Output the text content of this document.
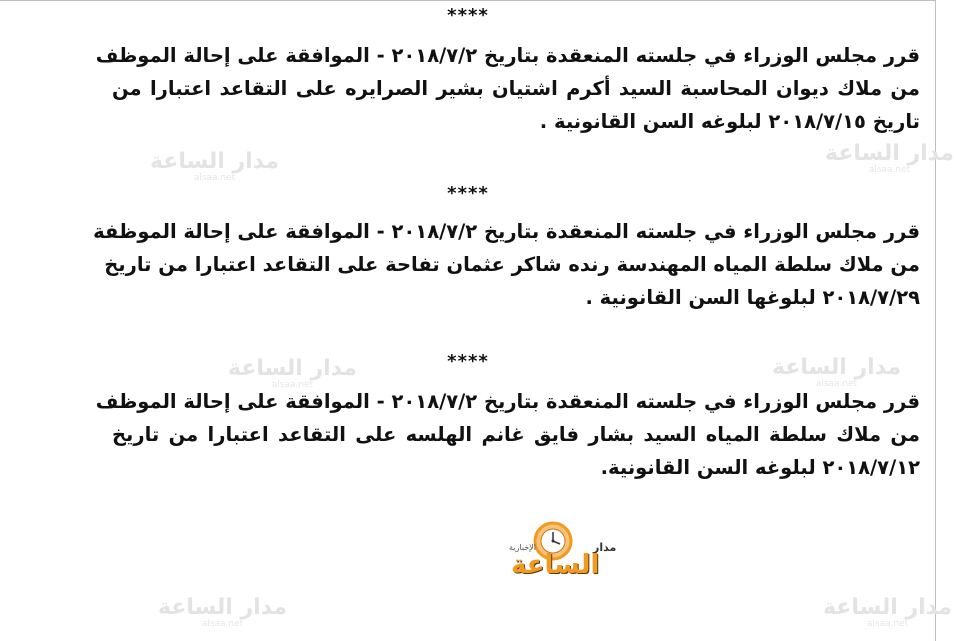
مدار الساعة
alsaa.net
مدار الساعة
alsaa.net
مدار الساعة
alsaa.net
مدار الساعة
alsaa.net
مدار الساعة
alsaa.net
مدار الساعة
alsaa.net
****
قرر مجلس الوزراء في جلسته المنعقدة بتاريخ ٢٠١٨/٧/٢ - الموافقة على إحالة الموظف
من ملاك ديوان المحاسبة السيد أكرم اشتيان بشير الصرايره على التقاعد اعتبارا من
تاريخ ٢٠١٨/٧/١٥ لبلوغه السن القانونية .
****
قرر مجلس الوزراء في جلسته المنعقدة بتاريخ ٢٠١٨/٧/٢ - الموافقة على إحالة الموظفة
من ملاك سلطة المياه المهندسة رنده شاكر عثمان تفاحة على التقاعد اعتبارا من تاريخ
٢٠١٨/٧/٢٩ لبلوغها السن القانونية .
****
قرر مجلس الوزراء في جلسته المنعقدة بتاريخ ٢٠١٨/٧/٢ - الموافقة على إحالة الموظف
من ملاك سلطة المياه السيد بشار فايق غانم الهلسه على التقاعد اعتبارا من تاريخ
٢٠١٨/٧/١٢ لبلوغه السن القانونية.
مدار
الإخبارية
الساعة
